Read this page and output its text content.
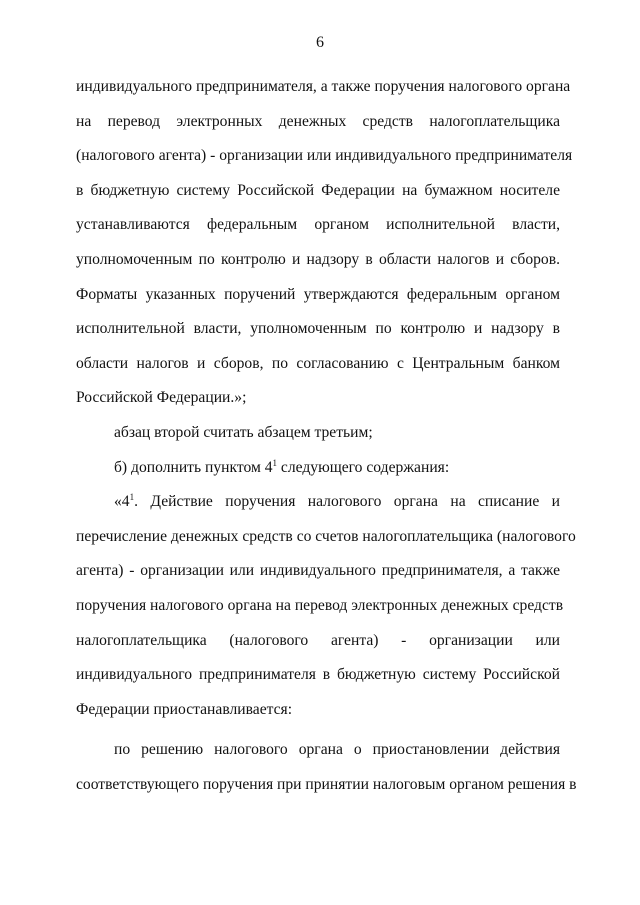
6
индивидуального предпринимателя, а также поручения налогового органа
на перевод электронных денежных средств налогоплательщика
(налогового агента) - организации или индивидуального предпринимателя
в бюджетную систему Российской Федерации на бумажном носителе
устанавливаются федеральным органом исполнительной власти,
уполномоченным по контролю и надзору в области налогов и сборов.
Форматы указанных поручений утверждаются федеральным органом
исполнительной власти, уполномоченным по контролю и надзору в
области налогов и сборов, по согласованию с Центральным банком
Российской Федерации.»;
абзац второй считать абзацем третьим;
б) дополнить пунктом $4^1$ следующего содержания:
«$4^1$. Действие поручения налогового органа на списание и
перечисление денежных средств со счетов налогоплательщика (налогового
агента) - организации или индивидуального предпринимателя, а также
поручения налогового органа на перевод электронных денежных средств
налогоплательщика (налогового агента) - организации или
индивидуального предпринимателя в бюджетную систему Российской
Федерации приостанавливается:
по решению налогового органа о приостановлении действия
соответствующего поручения при принятии налоговым органом решения в
